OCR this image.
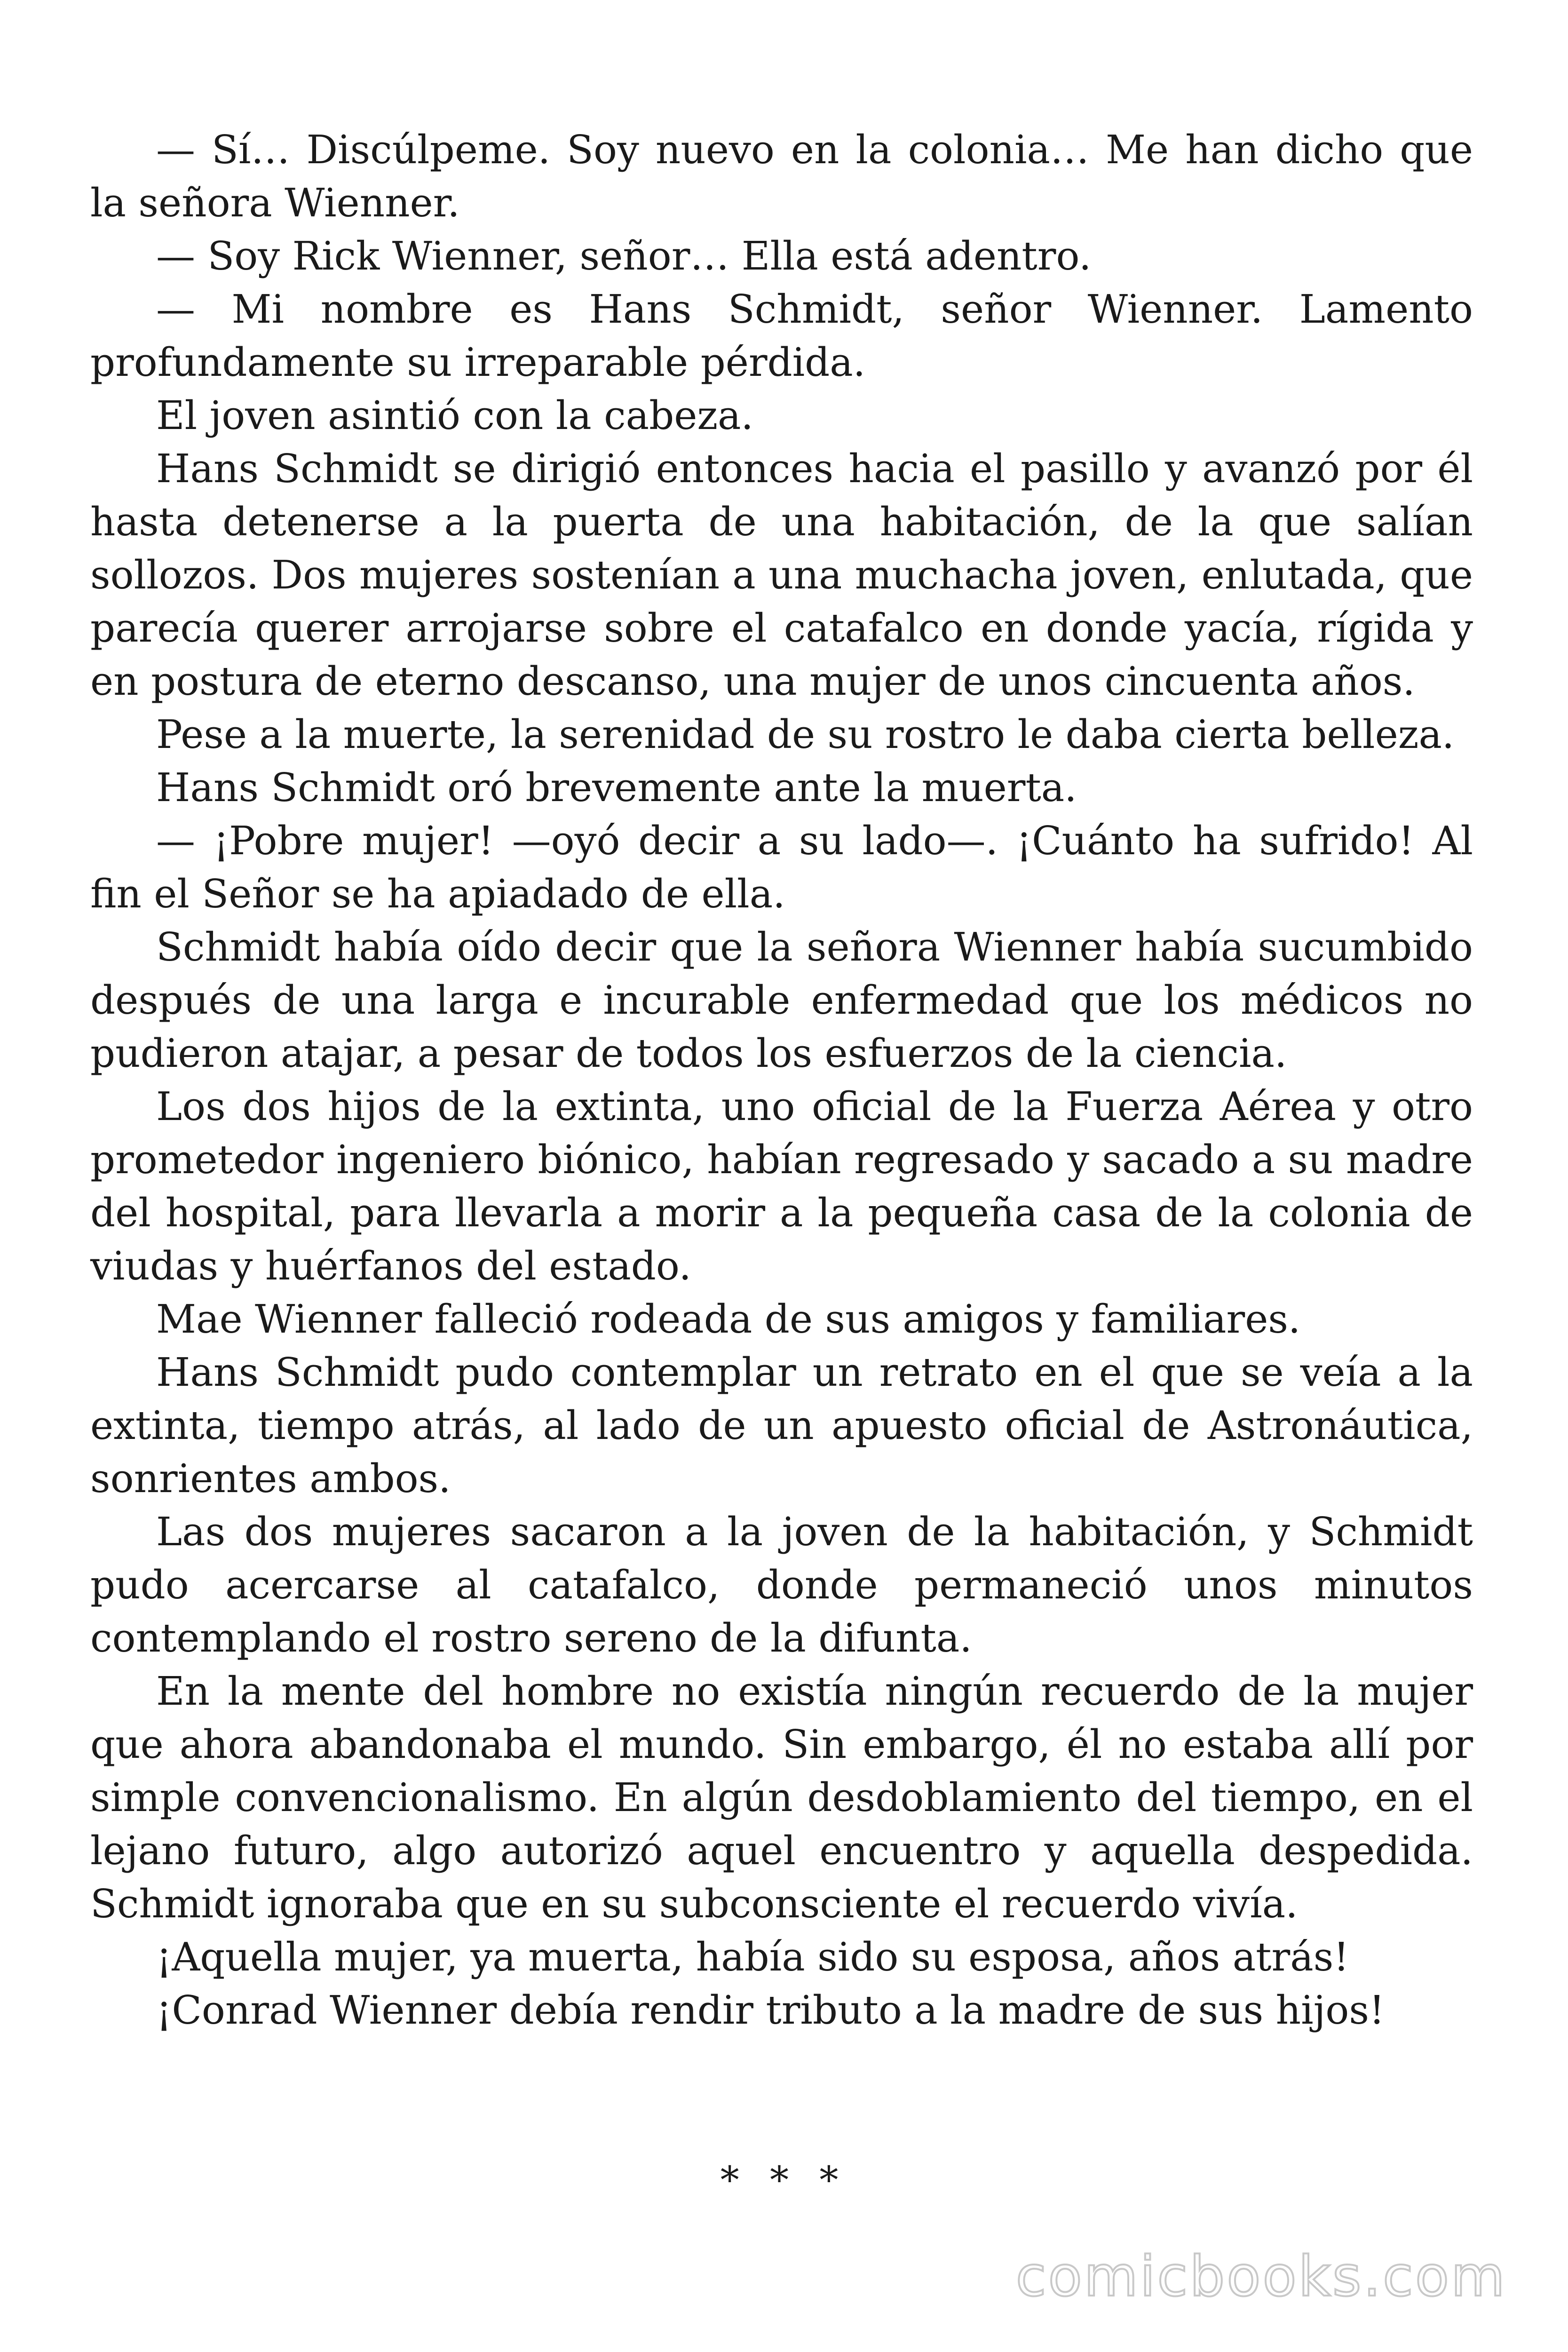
— Sí… Discúlpeme. Soy nuevo en la colonia… Me han dicho que la señora Wienner.

— Soy Rick Wienner, señor… Ella está adentro.

— Mi nombre es Hans Schmidt, señor Wienner. Lamento profundamente su irreparable pérdida.

El joven asintió con la cabeza.

Hans Schmidt se dirigió entonces hacia el pasillo y avanzó por él hasta detenerse a la puerta de una habitación, de la que salían sollozos. Dos mujeres sostenían a una muchacha joven, enlutada, que parecía querer arrojarse sobre el catafalco en donde yacía, rígida y en postura de eterno descanso, una mujer de unos cincuenta años.

Pese a la muerte, la serenidad de su rostro le daba cierta belleza.

Hans Schmidt oró brevemente ante la muerta.

— ¡Pobre mujer! —oyó decir a su lado—. ¡Cuánto ha sufrido! Al fin el Señor se ha apiadado de ella.

Schmidt había oído decir que la señora Wienner había sucumbido después de una larga e incurable enfermedad que los médicos no pudieron atajar, a pesar de todos los esfuerzos de la ciencia.

Los dos hijos de la extinta, uno oficial de la Fuerza Aérea y otro prometedor ingeniero biónico, habían regresado y sacado a su madre del hospital, para llevarla a morir a la pequeña casa de la colonia de viudas y huérfanos del estado.

Mae Wienner falleció rodeada de sus amigos y familiares.

Hans Schmidt pudo contemplar un retrato en el que se veía a la extinta, tiempo atrás, al lado de un apuesto oficial de Astronáutica, sonrientes ambos.

Las dos mujeres sacaron a la joven de la habitación, y Schmidt pudo acercarse al catafalco, donde permaneció unos minutos contemplando el rostro sereno de la difunta.

En la mente del hombre no existía ningún recuerdo de la mujer que ahora abandonaba el mundo. Sin embargo, él no estaba allí por simple convencionalismo. En algún desdoblamiento del tiempo, en el lejano futuro, algo autorizó aquel encuentro y aquella despedida. Schmidt ignoraba que en su subconsciente el recuerdo vivía.

¡Aquella mujer, ya muerta, había sido su esposa, años atrás!

¡Conrad Wienner debía rendir tributo a la madre de sus hijos!

* * *
comicbooks.com
